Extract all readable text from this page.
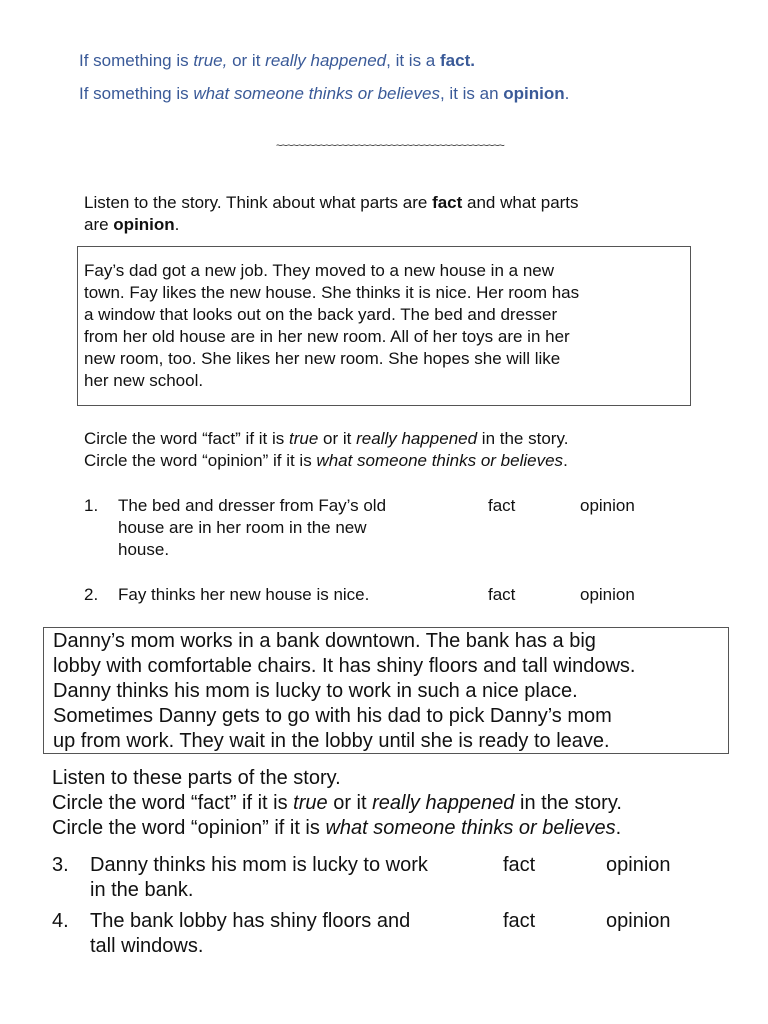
If something is true, or it really happened, it is a fact.
If something is what someone thinks or believes, it is an opinion.
~~~~~~~~~~~~~~~~~~~~~~~~~~~~~~~~~~~~~~~~~~
Listen to the story. Think about what parts are fact and what parts
are opinion.
Fay’s dad got a new job. They moved to a new house in a new
town. Fay likes the new house. She thinks it is nice. Her room has
a window that looks out on the back yard. The bed and dresser
from her old house are in her new room. All of her toys are in her
new room, too. She likes her new room. She hopes she will like
her new school.
Circle the word “fact” if it is true or it really happened in the story.
Circle the word “opinion” if it is what someone thinks or believes.
1. The bed and dresser from Fay’s old
house are in her room in the new
house.
fact	opinion
2. Fay thinks her new house is nice.	fact	opinion
Danny’s mom works in a bank downtown. The bank has a big
lobby with comfortable chairs. It has shiny floors and tall windows.
Danny thinks his mom is lucky to work in such a nice place.
Sometimes Danny gets to go with his dad to pick Danny’s mom
up from work. They wait in the lobby until she is ready to leave.
Listen to these parts of the story.
Circle the word “fact” if it is true or it really happened in the story.
Circle the word “opinion” if it is what someone thinks or believes.
3. Danny thinks his mom is lucky to work
in the bank.
fact	opinion
4. The bank lobby has shiny floors and
tall windows.
fact	opinion
